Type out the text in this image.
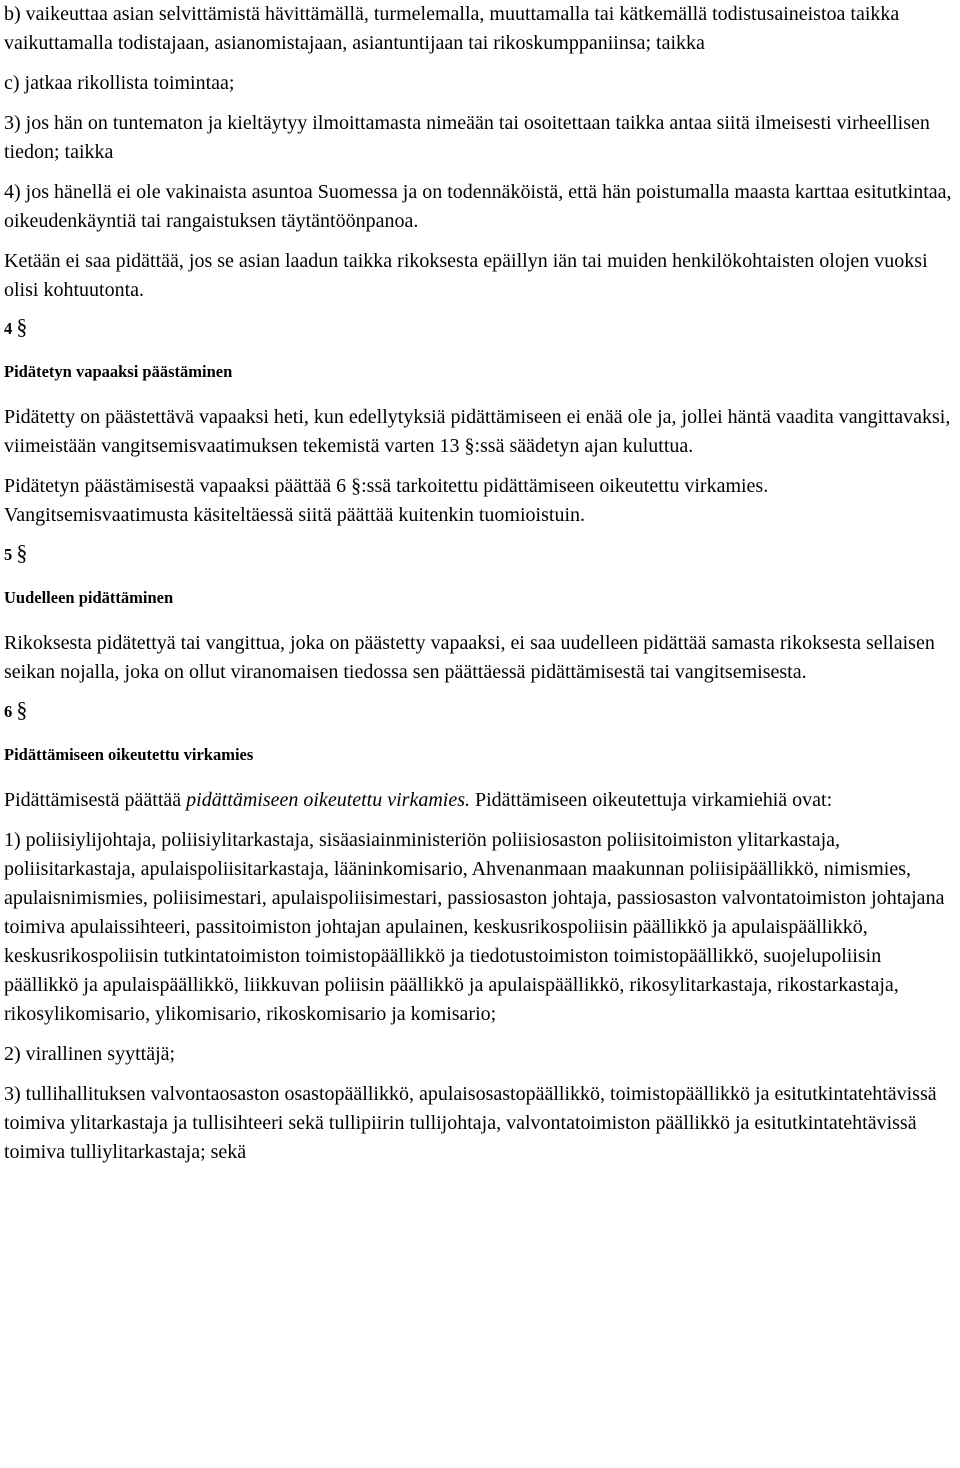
b) vaikeuttaa asian selvittämistä hävittämällä, turmelemalla, muuttamalla tai kätkemällä todistusaineistoa taikka vaikuttamalla todistajaan, asianomistajaan, asiantuntijaan tai rikoskumppaniinsa; taikka

c) jatkaa rikollista toimintaa;

3) jos hän on tuntematon ja kieltäytyy ilmoittamasta nimeään tai osoitettaan taikka antaa siitä ilmeisesti virheellisen tiedon; taikka

4) jos hänellä ei ole vakinaista asuntoa Suomessa ja on todennäköistä, että hän poistumalla maasta karttaa esitutkintaa, oikeudenkäyntiä tai rangaistuksen täytäntöönpanoa.

Ketään ei saa pidättää, jos se asian laadun taikka rikoksesta epäillyn iän tai muiden henkilökohtaisten olojen vuoksi olisi kohtuutonta.

4 §
Pidätetyn vapaaksi päästäminen

Pidätetty on päästettävä vapaaksi heti, kun edellytyksiä pidättämiseen ei enää ole ja, jollei häntä vaadita vangittavaksi, viimeistään vangitsemisvaatimuksen tekemistä varten 13 §:ssä säädetyn ajan kuluttua.

Pidätetyn päästämisestä vapaaksi päättää 6 §:ssä tarkoitettu pidättämiseen oikeutettu virkamies. Vangitsemisvaatimusta käsiteltäessä siitä päättää kuitenkin tuomioistuin.

5 §
Uudelleen pidättäminen

Rikoksesta pidätettyä tai vangittua, joka on päästetty vapaaksi, ei saa uudelleen pidättää samasta rikoksesta sellaisen seikan nojalla, joka on ollut viranomaisen tiedossa sen päättäessä pidättämisestä tai vangitsemisesta.

6 §
Pidättämiseen oikeutettu virkamies

Pidättämisestä päättää pidättämiseen oikeutettu virkamies. Pidättämiseen oikeutettuja virkamiehiä ovat:

1) poliisiylijohtaja, poliisiylitarkastaja, sisäasiainministeriön poliisiosaston poliisitoimiston ylitarkastaja, poliisitarkastaja, apulaispoliisitarkastaja, lääninkomisario, Ahvenanmaan maakunnan poliisipäällikkö, nimismies, apulaisnimismies, poliisimestari, apulaispoliisimestari, passiosaston johtaja, passiosaston valvontatoimiston johtajana toimiva apulaissihteeri, passitoimiston johtajan apulainen, keskusrikospoliisin päällikkö ja apulaispäällikkö, keskusrikospoliisin tutkintatoimiston toimistopäällikkö ja tiedotustoimiston toimistopäällikkö, suojelupoliisin päällikkö ja apulaispäällikkö, liikkuvan poliisin päällikkö ja apulaispäällikkö, rikosylitarkastaja, rikostarkastaja, rikosylikomisario, ylikomisario, rikoskomisario ja komisario;

2) virallinen syyttäjä;

3) tullihallituksen valvontaosaston osastopäällikkö, apulaisosastopäällikkö, toimistopäällikkö ja esitutkintatehtävissä toimiva ylitarkastaja ja tullisihteeri sekä tullipiirin tullijohtaja, valvontatoimiston päällikkö ja esitutkintatehtävissä toimiva tulliylitarkastaja; sekä
